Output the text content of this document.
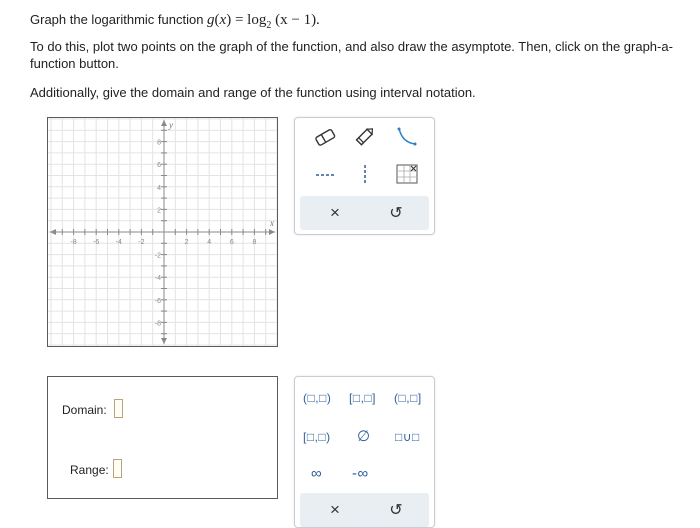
Graph the logarithmic function $g(x) = \log_2 (x - 1)$.
To do this, plot two points on the graph of the function, and also draw the asymptote. Then, click on the graph-a-function button.
Additionally, give the domain and range of the function using interval notation.
x
y
-8 -6 -4 -2	2	4	6	8
8
6
4
2
-2
-4
-6
-8
×	↺
Domain:
Range:
(□,□) [□,□] (□,□]
[□,□) ∅ □∪□
∞ -∞
×	↺
